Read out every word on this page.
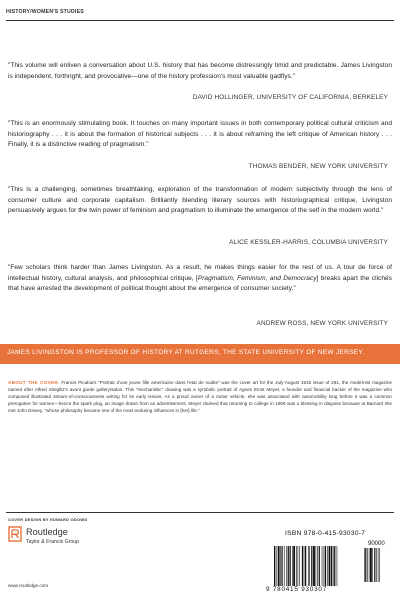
HISTORY/WOMEN'S STUDIES

"This volume will enliven a conversation about U.S. history that has become distressingly timid and predictable. James Livingston is independent, forthright, and provocative—one of the history profession's most valuable gadflys."

DAVID HOLLINGER, UNIVERSITY OF CALIFORNIA, BERKELEY

"This is an enormously stimulating book. It touches on many important issues in both contemporary political cultural criticism and historiography . . . it is about the formation of historical subjects . . . it is about reframing the left critique of American history . . . Finally, it is a distinctive reading of pragmatism."

THOMAS BENDER, NEW YORK UNIVERSITY

"This is a challenging, sometimes breathtaking, exploration of the transformation of modern subjectivity through the lens of consumer culture and corporate capitalism. Brilliantly blending literary sources with historiographical critique, Livingston persuasively argues for the twin power of feminism and pragmatism to illuminate the emergence of the self in the modern world."

ALICE KESSLER-HARRIS, COLUMBIA UNIVERSITY

"Few scholars think harder than James Livingston. As a result, he makes things easier for the rest of us. A tour de force of intellectual history, cultural analysis, and philosophical critique, [Pragmatism, Feminism, and Democracy] breaks apart the clichés that have arrested the development of political thought about the emergence of consumer society."

ANDREW ROSS, NEW YORK UNIVERSITY
JAMES LIVINGSTON IS PROFESSOR OF HISTORY AT RUTGERS, THE STATE UNIVERSITY OF NEW JERSEY.
ABOUT THE COVER. Francis Picabia's "Portrait d'une jeune fille americaine dans l'etat de nudite" was the cover art for the July-August 1915 issue of 291, the modernist magazine named after Alfred Stieglitz's avant garde gallery/salon. This "mechanistic" drawing was a symbolic portrait of Agnes Ernst Meyer, a founder and financial backer of the magazine who composed illustrated stream-of-consciousness writing for its early issues. As a proud owner of a motor vehicle, she was associated with automobility long before it was a common prerogative for women—hence the spark plug, an image drawn from an advertisement. Meyer claimed that returning to college in 1906 was a blessing in disguise because at Barnard she met John Dewey, "whose philosophy became one of the most enduring influences in [her] life."
COVER DESIGN BY EDWARD ODOWD
Routledge
Taylor & Francis Group
www.routledge.com
ISBN 978-0-415-93030-7
90000
9 780415 930307
